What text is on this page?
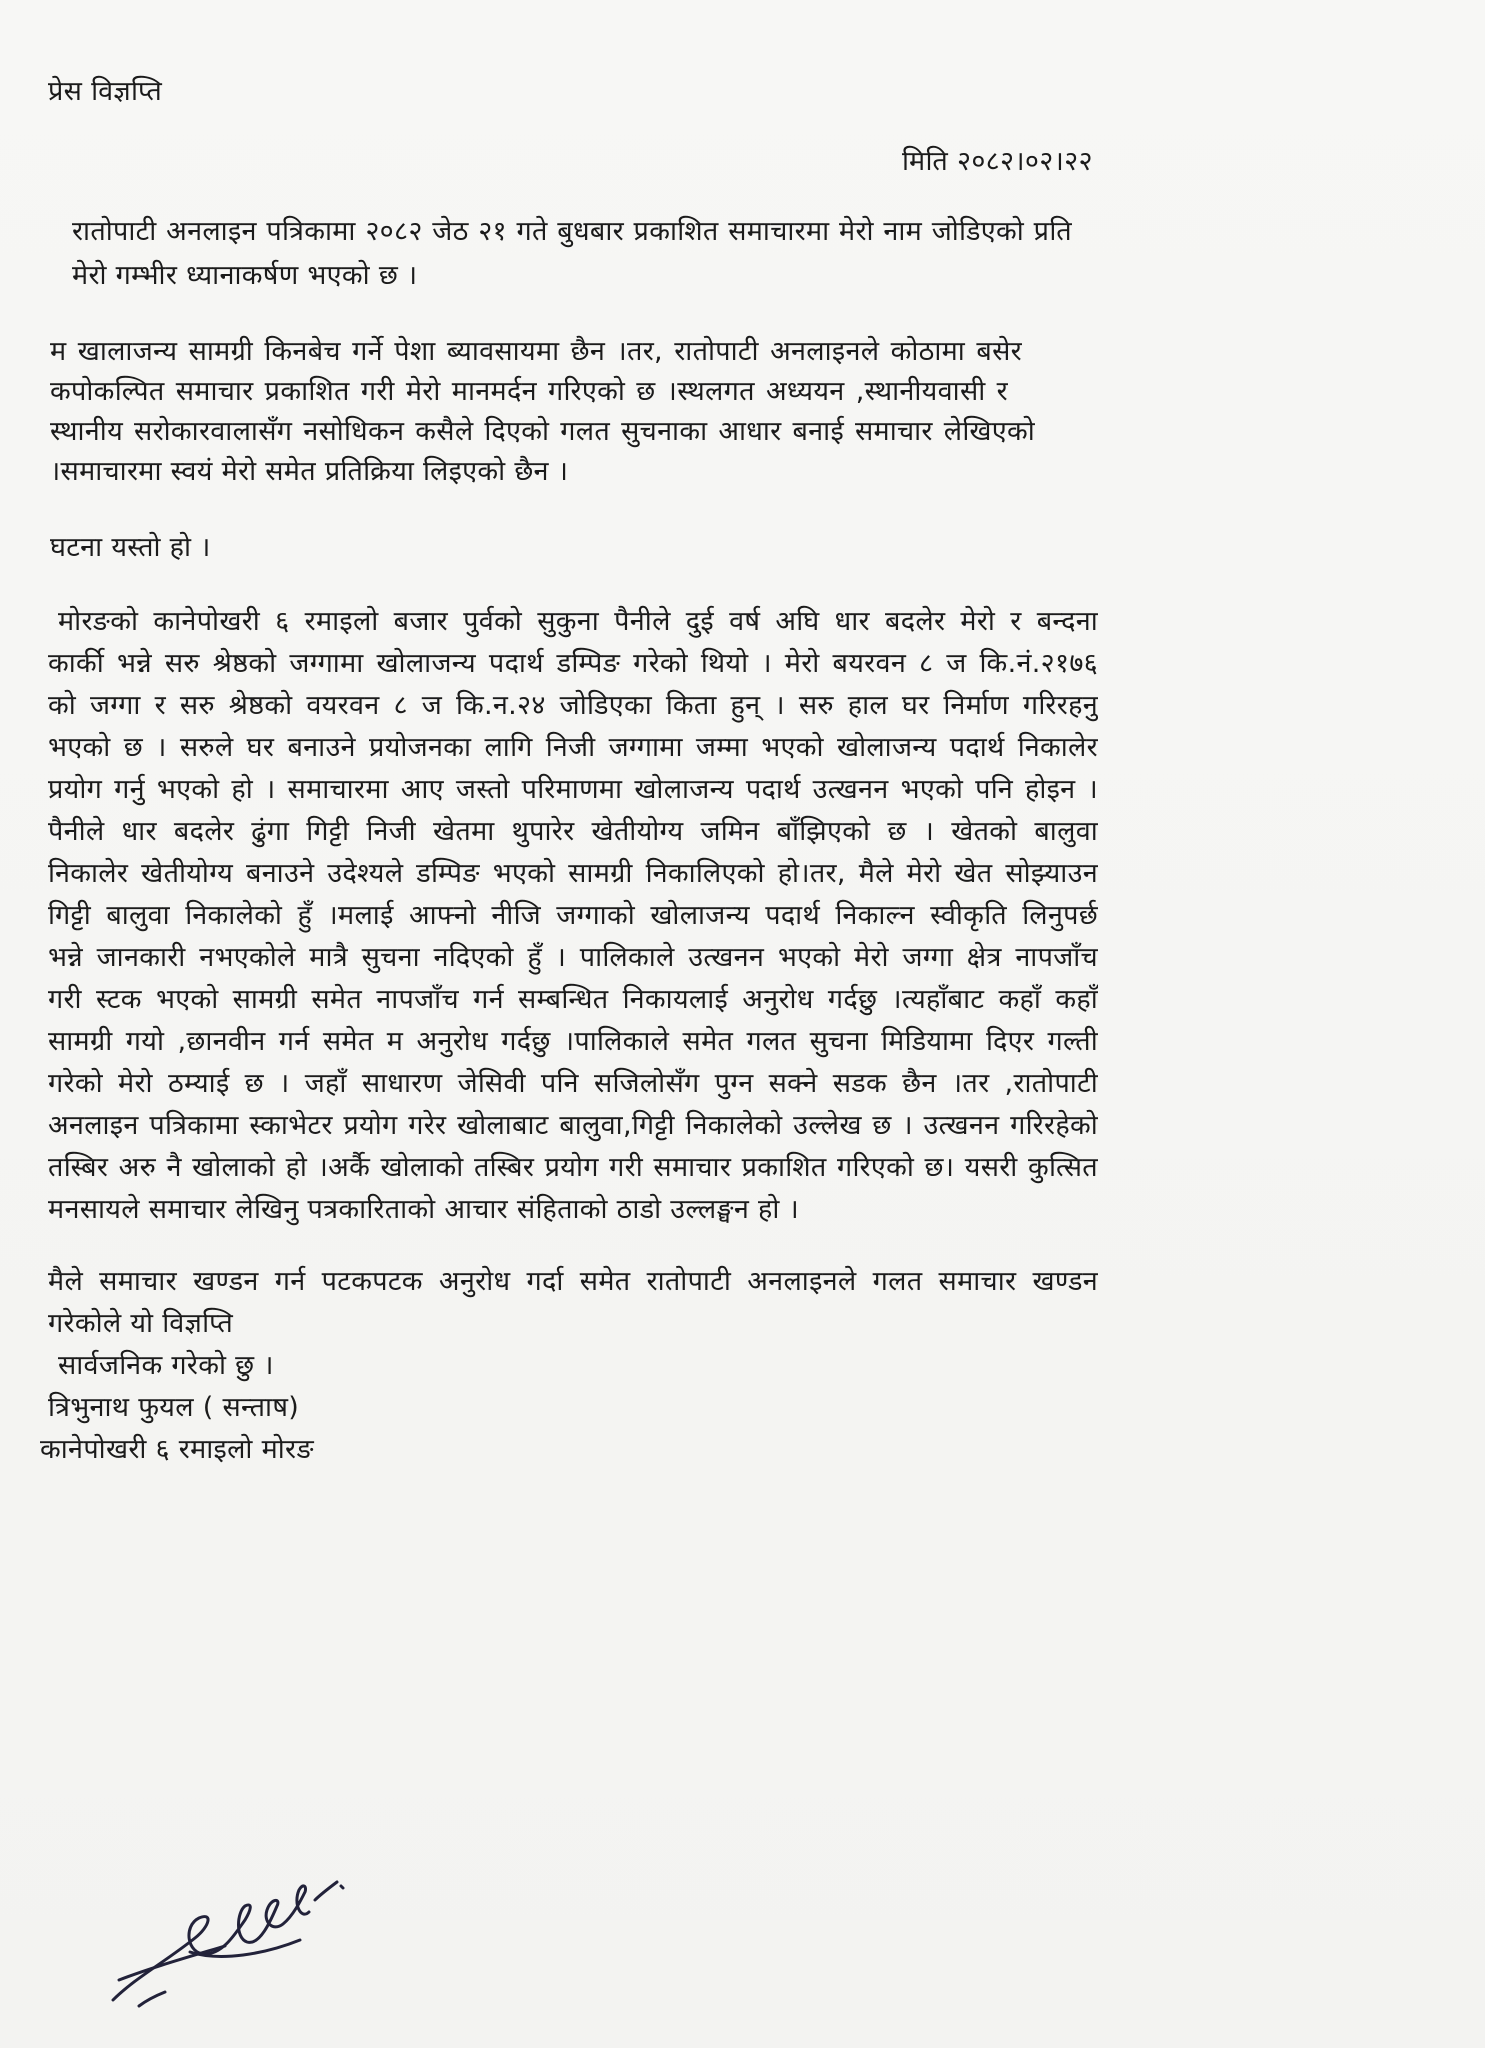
प्रेस विज्ञप्ति
मिति २०८२।०२।२२
रातोपाटी अनलाइन पत्रिकामा २०८२ जेठ २१ गते बुधबार प्रकाशित समाचारमा मेरो नाम जोडिएको प्रति
मेरो गम्भीर ध्यानाकर्षण भएको छ ।
म खालाजन्य सामग्री किनबेच गर्ने पेशा ब्यावसायमा छैन ।तर, रातोपाटी अनलाइनले कोठामा बसेर
कपोकल्पित समाचार प्रकाशित गरी मेरो मानमर्दन गरिएको छ ।स्थलगत अध्ययन ,स्थानीयवासी र
स्थानीय सरोकारवालासँग नसोधिकन कसैले दिएको गलत सुचनाका आधार बनाई समाचार लेखिएको
।समाचारमा स्वयं मेरो समेत प्रतिक्रिया लिइएको छैन ।
घटना यस्तो हो ।
मोरङको कानेपोखरी ६ रमाइलो बजार पुर्वको सुकुना पैनीले दुई वर्ष अघि धार बदलेर मेरो र बन्दना
कार्की भन्ने सरु श्रेष्ठको जग्गामा खोलाजन्य पदार्थ डम्पिङ गरेको थियो । मेरो बयरवन ८ ज कि.नं.२१७६
को जग्गा र सरु श्रेष्ठको वयरवन ८ ज कि.न.२४ जोडिएका किता हुन् । सरु हाल घर निर्माण गरिरहनु
भएको छ । सरुले घर बनाउने प्रयोजनका लागि निजी जग्गामा जम्मा भएको खोलाजन्य पदार्थ निकालेर
प्रयोग गर्नु भएको हो । समाचारमा आए जस्तो परिमाणमा खोलाजन्य पदार्थ उत्खनन भएको पनि होइन ।
पैनीले धार बदलेर ढुंगा गिट्टी निजी खेतमा थुपारेर खेतीयोग्य जमिन बाँझिएको छ । खेतको बालुवा
निकालेर खेतीयोग्य बनाउने उदेश्यले डम्पिङ भएको सामग्री निकालिएको हो।तर, मैले मेरो खेत सोझ्याउन
गिट्टी बालुवा निकालेको हुँ ।मलाई आफ्नो नीजि जग्गाको खोलाजन्य पदार्थ निकाल्न स्वीकृति लिनुपर्छ
भन्ने जानकारी नभएकोले मात्रै सुचना नदिएको हुँ । पालिकाले उत्खनन भएको मेरो जग्गा क्षेत्र नापजाँच
गरी स्टक भएको सामग्री समेत नापजाँच गर्न सम्बन्धित निकायलाई अनुरोध गर्दछु ।त्यहाँबाट कहाँ कहाँ
सामग्री गयो ,छानवीन गर्न समेत म अनुरोध गर्दछु ।पालिकाले समेत गलत सुचना मिडियामा दिएर गल्ती
गरेको मेरो ठम्याई छ । जहाँ साधारण जेसिवी पनि सजिलोसँग पुग्न सक्ने सडक छैन ।तर ,रातोपाटी
अनलाइन पत्रिकामा स्काभेटर प्रयोग गरेर खोलाबाट बालुवा,गिट्टी निकालेको उल्लेख छ । उत्खनन गरिरहेको
तस्बिर अरु नै खोलाको हो ।अर्कै खोलाको तस्बिर प्रयोग गरी समाचार प्रकाशित गरिएको छ। यसरी कुत्सित
मनसायले समाचार लेखिनु पत्रकारिताको आचार संहिताको ठाडो उल्लङ्घन हो ।
मैले समाचार खण्डन गर्न पटकपटक अनुरोध गर्दा समेत रातोपाटी अनलाइनले गलत समाचार खण्डन
गरेकोले यो विज्ञप्ति
सार्वजनिक गरेको छु ।
त्रिभुनाथ फुयल ( सन्ताष)
कानेपोखरी ६ रमाइलो मोरङ
